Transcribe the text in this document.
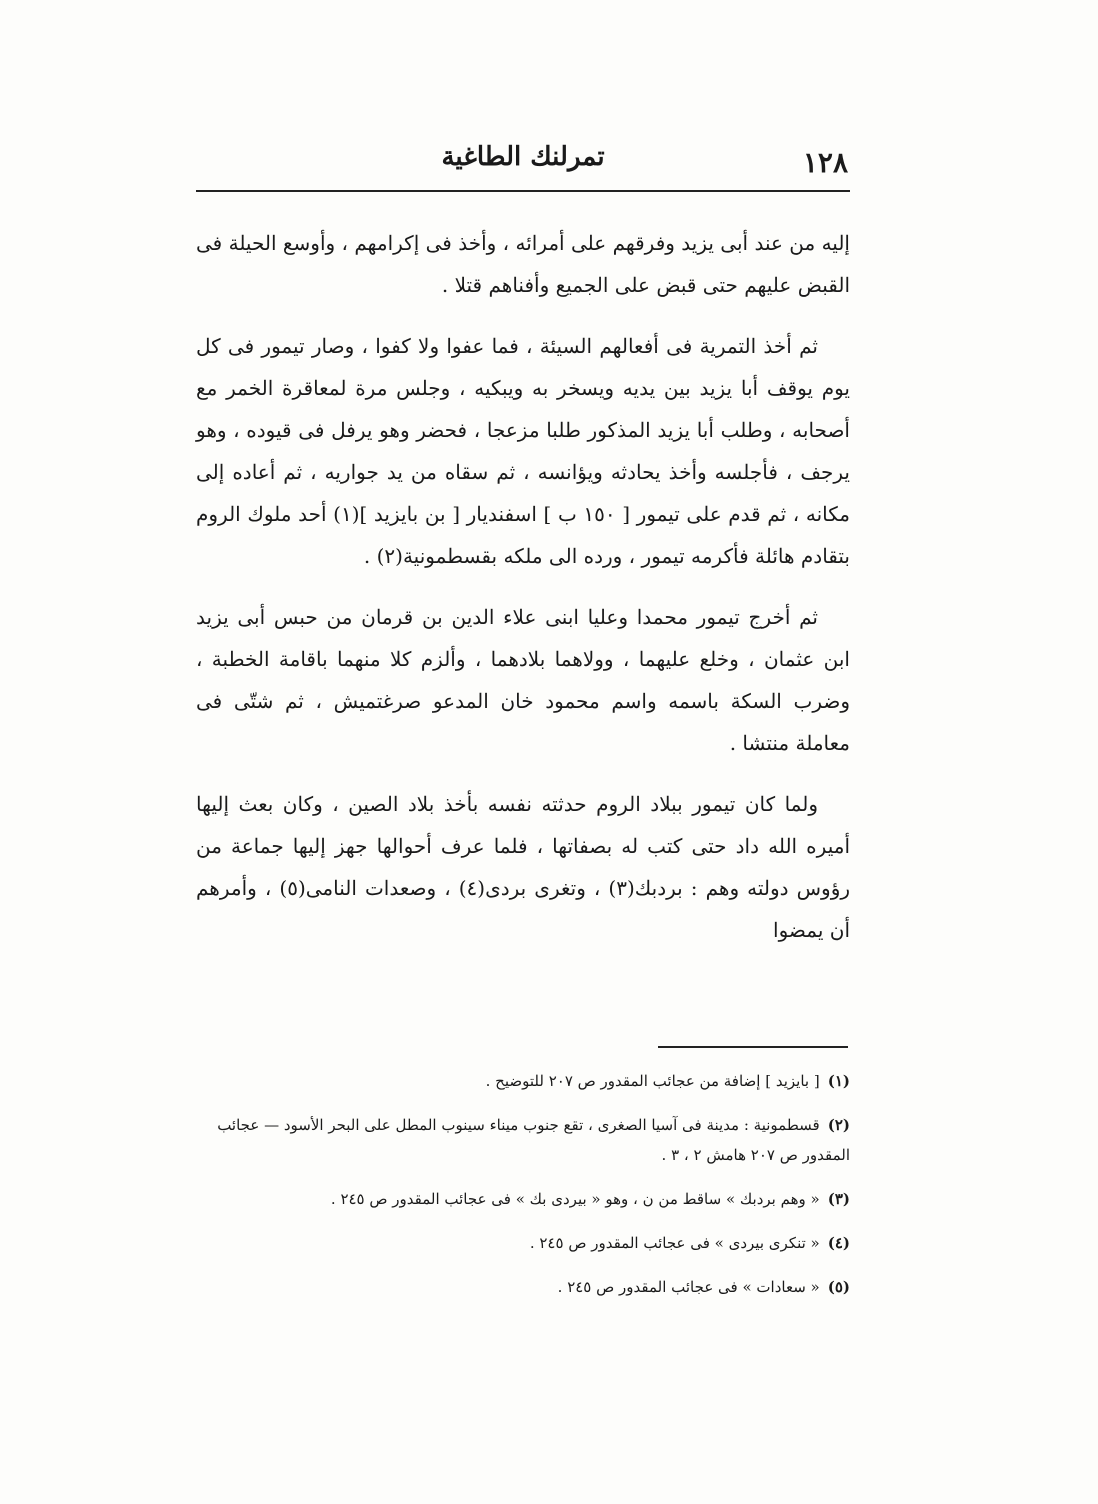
١٢٨
تمرلنك الطاغية

إليه من عند أبى يزيد وفرقهم على أمرائه ، وأخذ فى إكرامهم ، وأوسع الحيلة فى القبض عليهم حتى قبض على الجميع وأفناهم قتلا .

ثم أخذ التمرية فى أفعالهم السيئة ، فما عفوا ولا كفوا ، وصار تيمور فى كل يوم يوقف أبا يزيد بين يديه ويسخر به ويبكيه ، وجلس مرة لمعاقرة الخمر مع أصحابه ، وطلب أبا يزيد المذكور طلبا مزعجا ، فحضر وهو يرفل فى قيوده ، وهو يرجف ، فأجلسه وأخذ يحادثه ويؤانسه ، ثم سقاه من يد جواريه ، ثم أعاده إلى مكانه ، ثم قدم على تيمور [ ١٥٠ ب ] اسفنديار [ بن بايزيد ](١) أحد ملوك الروم بتقادم هائلة فأكرمه تيمور ، ورده الى ملكه بقسطمونية(٢) .

ثم أخرج تيمور محمدا وعليا ابنى علاء الدين بن قرمان من حبس أبى يزيد ابن عثمان ، وخلع عليهما ، وولاهما بلادهما ، وألزم كلا منهما باقامة الخطبة ، وضرب السكة باسمه واسم محمود خان المدعو صرغتميش ، ثم شتّى فى معاملة منتشا .

ولما كان تيمور ببلاد الروم حدثته نفسه بأخذ بلاد الصين ، وكان بعث إليها أميره الله داد حتى كتب له بصفاتها ، فلما عرف أحوالها جهز إليها جماعة من رؤوس دولته وهم : بردبك(٣) ، وتغرى بردى(٤) ، وصعدات النامى(٥) ، وأمرهم أن يمضوا

(١)[ بايزيد ] إضافة من عجائب المقدور ص ٢٠٧ للتوضيح .
(٢)قسطمونية : مدينة فى آسيا الصغرى ، تقع جنوب ميناء سينوب المطل على البحر الأسود — عجائب المقدور ص ٢٠٧ هامش ٢ ، ٣ .
(٣)« وهم بردبك » ساقط من ن ، وهو « بيردى بك » فى عجائب المقدور ص ٢٤٥ .
(٤)« تنكرى بيردى » فى عجائب المقدور ص ٢٤٥ .
(٥)« سعادات » فى عجائب المقدور ص ٢٤٥ .
